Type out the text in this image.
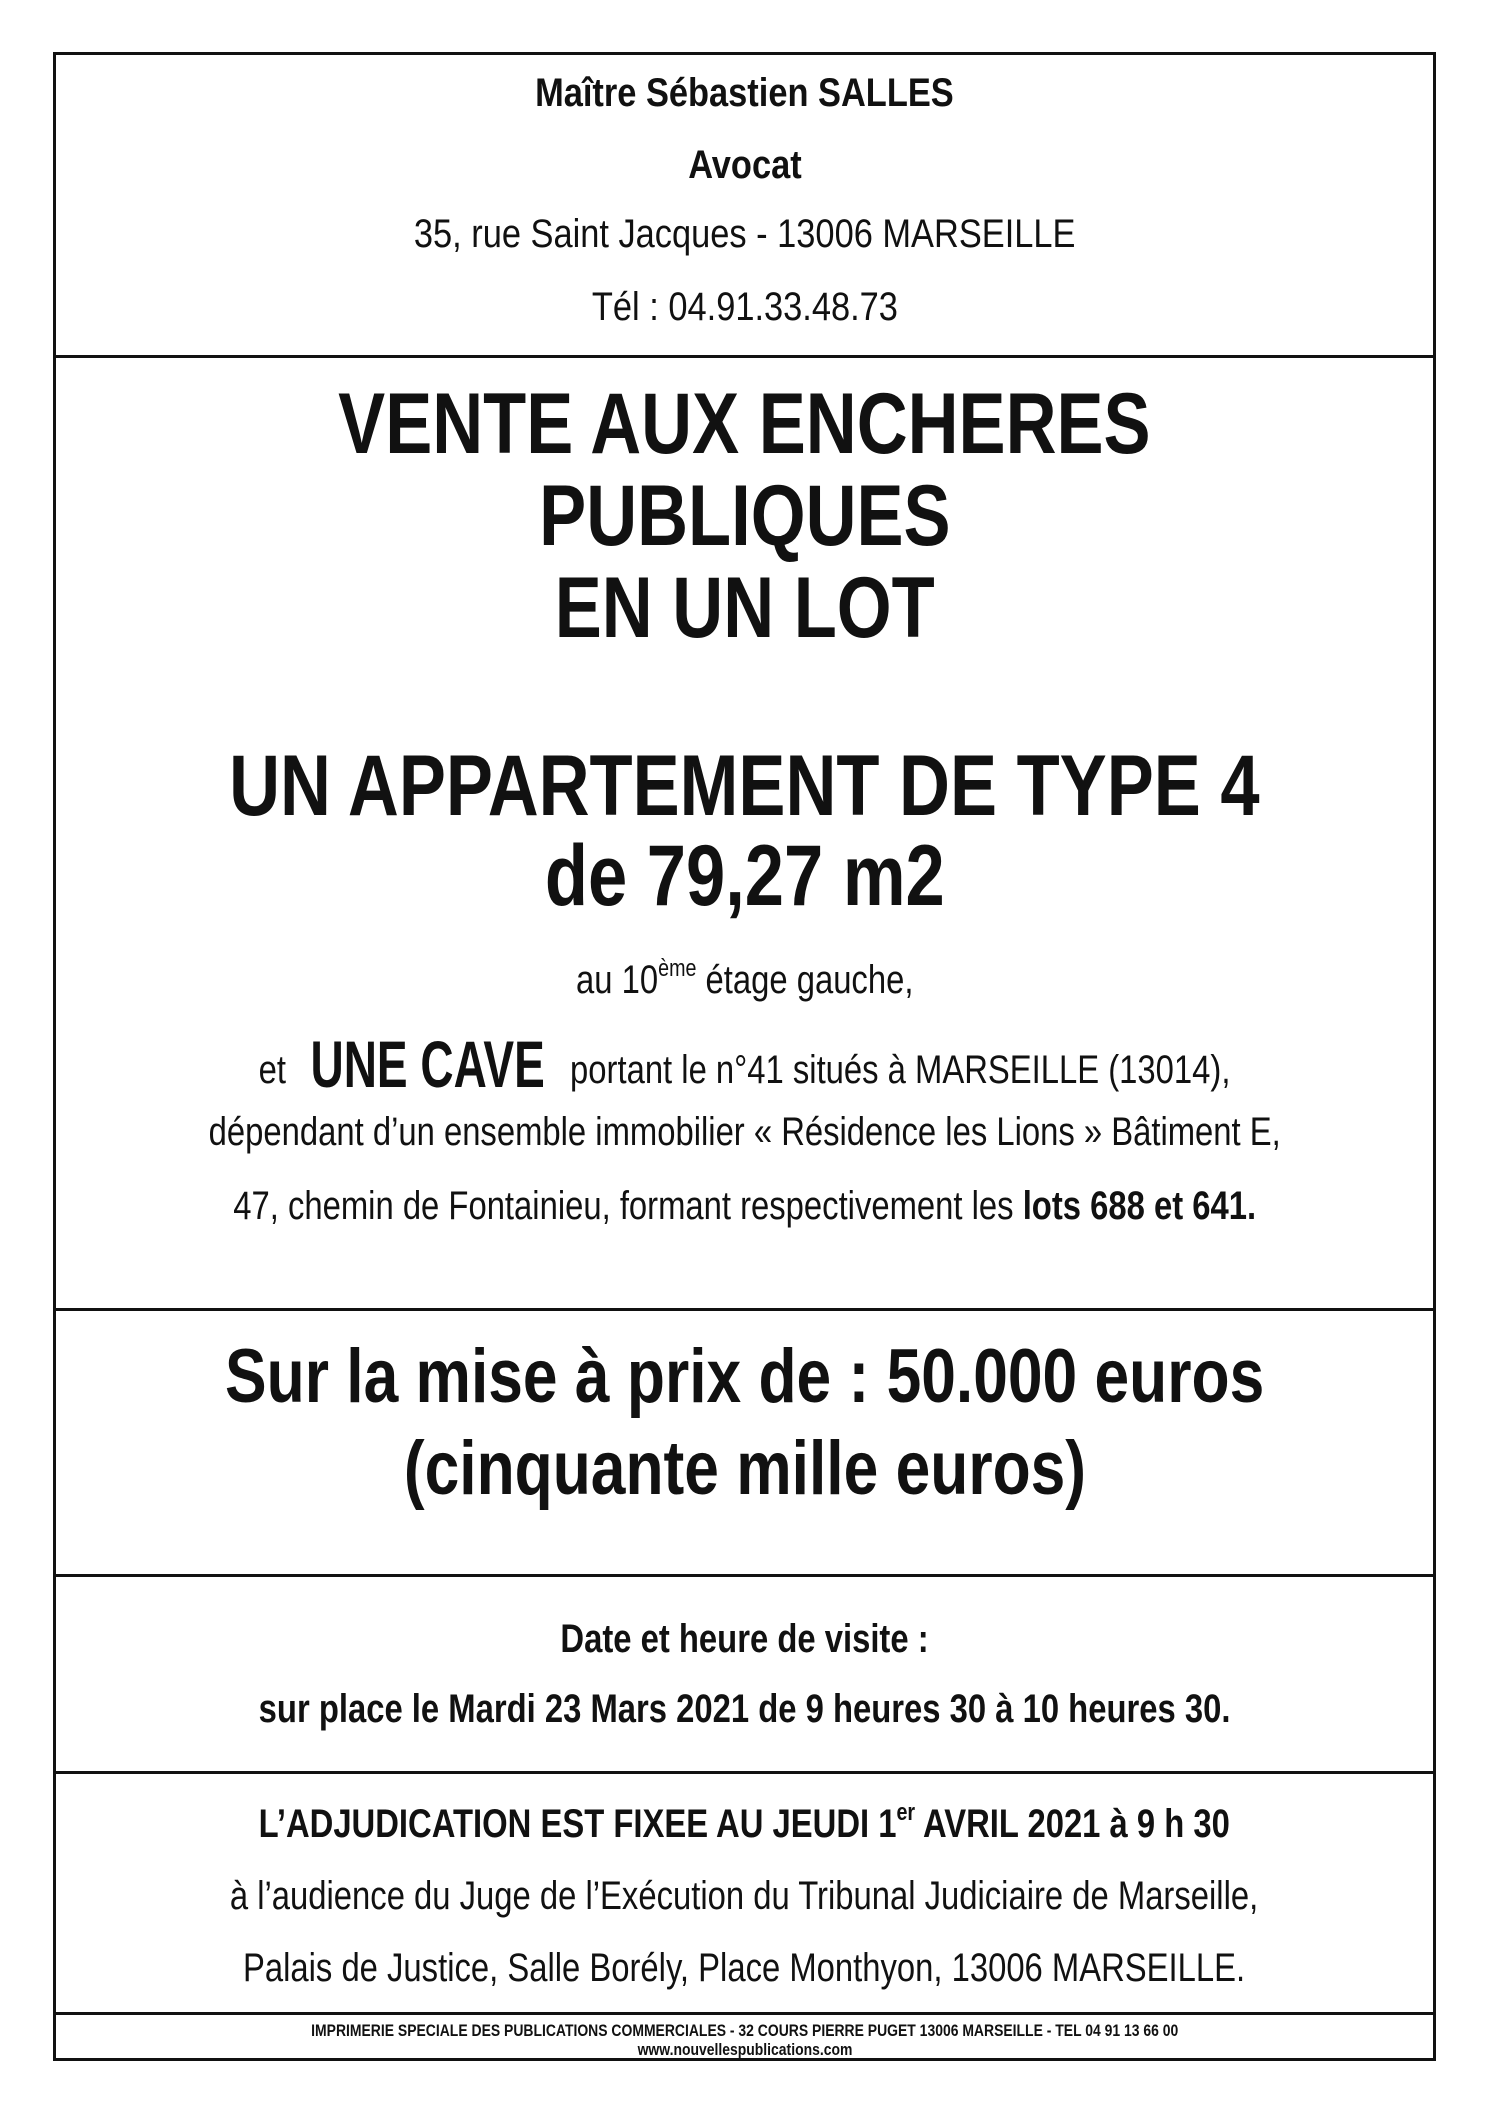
Maître Sébastien SALLES
Avocat
35, rue Saint Jacques - 13006 MARSEILLE
Tél : 04.91.33.48.73
VENTE AUX ENCHERES
PUBLIQUES
EN UN LOT
UN APPARTEMENT DE TYPE 4
de 79,27 m2
au 10ème étage gauche,
et UNE CAVE portant le n°41 situés à MARSEILLE (13014),
dépendant d’un ensemble immobilier « Résidence les Lions » Bâtiment E,
47, chemin de Fontainieu, formant respectivement les lots 688 et 641.
Sur la mise à prix de : 50.000 euros
(cinquante mille euros)
Date et heure de visite :
sur place le Mardi 23 Mars 2021 de 9 heures 30 à 10 heures 30.
L’ADJUDICATION EST FIXEE AU JEUDI 1er AVRIL 2021 à 9 h 30
à l’audience du Juge de l’Exécution du Tribunal Judiciaire de Marseille,
Palais de Justice, Salle Borély, Place Monthyon, 13006 MARSEILLE.
IMPRIMERIE SPECIALE DES PUBLICATIONS COMMERCIALES - 32 COURS PIERRE PUGET 13006 MARSEILLE - TEL 04 91 13 66 00
www.nouvellespublications.com
